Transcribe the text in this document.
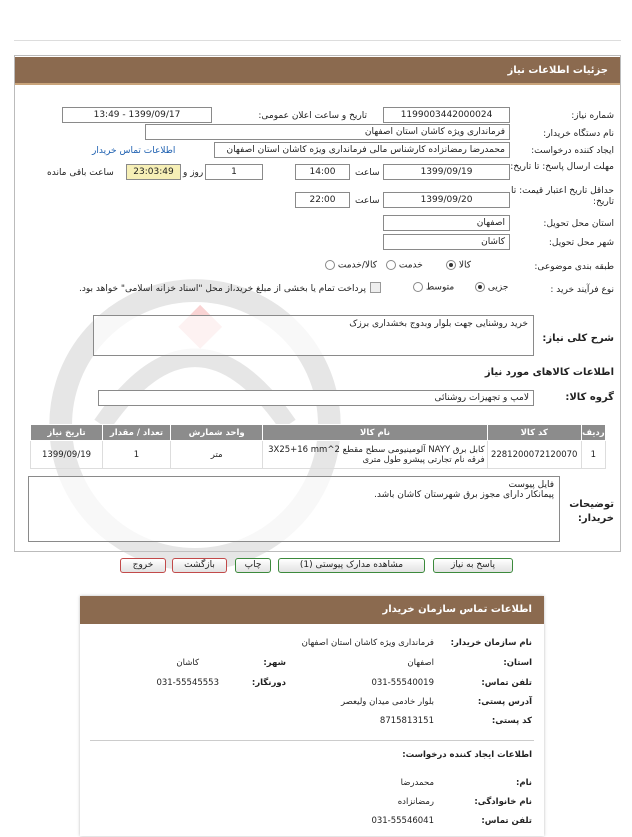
جزئیات اطلاعات نیاز
شماره نیاز:
1199003442000024
تاریخ و ساعت اعلان عمومی:
1399/09/17 - 13:49
نام دستگاه خریدار:
فرمانداری ویژه کاشان استان اصفهان
ایجاد کننده درخواست:
محمدرضا رمضانزاده کارشناس مالی فرمانداری ویژه کاشان استان اصفهان
اطلاعات تماس خریدار
مهلت ارسال پاسخ: تا تاریخ:
1399/09/19
ساعت
14:00
1
روز و
23:03:49
ساعت باقی مانده
حداقل تاریخ اعتبار قیمت: تا تاریخ:
1399/09/20
ساعت
22:00
استان محل تحویل:
اصفهان
شهر محل تحویل:
کاشان
طبقه بندی موضوعی:
کالا
خدمت
کالا/خدمت
نوع فرآیند خرید :
جزیی
متوسط
پرداخت تمام یا بخشی از مبلغ خرید،از محل "اسناد خزانه اسلامی" خواهد بود.
شرح کلی نیاز:
خرید روشنایی جهت بلوار وبدوج بخشداری برزک
اطلاعات کالاهای مورد نیاز
گروه کالا:
لامپ و تجهیزات روشنائی
ردیف	کد کالا	نام کالا	واحد شمارش	تعداد / مقدار	تاریخ نیاز
1	2281200072120070	کابل برق NAYY آلومینیومی سطح مقطع 3X25+16 mm^2 فرقه نام تجارتی پیشرو طول متری	متر	1	1399/09/19
توضیحات خریدار:
فایل پیوست
پیمانکار دارای مجوز برق شهرستان کاشان باشد.
پاسخ به نیاز
مشاهده مدارک پیوستی (1)
چاپ
بازگشت
خروج
اطلاعات تماس سازمان خریدار
نام سازمان خریدار:
فرمانداری ویژه کاشان استان اصفهان
استان:
اصفهان
شهر:
کاشان
تلفن تماس:
031-55540019
دورنگار:
031-55545553
آدرس پستی:
بلوار خادمی میدان ولیعصر
کد پستی:
8715813151
اطلاعات ایجاد کننده درخواست:
نام:
محمدرضا
نام خانوادگی:
رمضانزاده
تلفن تماس:
031-55546041
